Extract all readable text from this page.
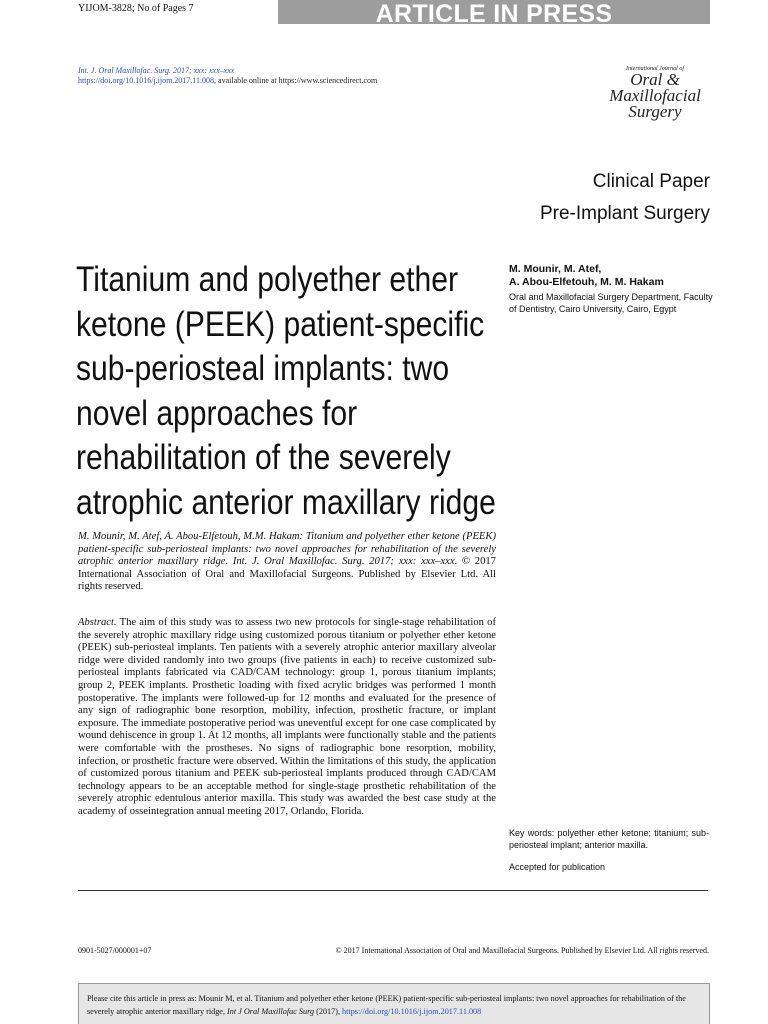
YIJOM-3828; No of Pages 7	ARTICLE IN PRESS
Int. J. Oral Maxillofac. Surg. 2017; xxx: xxx–xxx
https://doi.org/10.1016/j.ijom.2017.11.008, available online at https://www.sciencedirect.com
International Journal of
Oral &
Maxillofacial
Surgery
Clinical Paper
Pre-Implant Surgery
Titanium and polyether ether
ketone (PEEK) patient-specific
sub-periosteal implants: two
novel approaches for
rehabilitation of the severely
atrophic anterior maxillary ridge
M. Mounir, M. Atef,
A. Abou-Elfetouh, M. M. Hakam
Oral and Maxillofacial Surgery Department, Faculty of Dentistry, Cairo University, Cairo, Egypt
M. Mounir, M. Atef, A. Abou-Elfetouh, M.M. Hakam: Titanium and polyether ether ketone (PEEK) patient-specific sub-periosteal implants: two novel approaches for rehabilitation of the severely atrophic anterior maxillary ridge. Int. J. Oral Maxillofac. Surg. 2017; xxx: xxx–xxx. © 2017 International Association of Oral and Maxillofacial Surgeons. Published by Elsevier Ltd. All rights reserved.
Abstract. The aim of this study was to assess two new protocols for single-stage rehabilitation of the severely atrophic maxillary ridge using customized porous titanium or polyether ether ketone (PEEK) sub-periosteal implants. Ten patients with a severely atrophic anterior maxillary alveolar ridge were divided randomly into two groups (five patients in each) to receive customized sub-periosteal implants fabricated via CAD/CAM technology: group 1, porous titanium implants; group 2, PEEK implants. Prosthetic loading with fixed acrylic bridges was performed 1 month postoperative. The implants were followed-up for 12 months and evaluated for the presence of any sign of radiographic bone resorption, mobility, infection, prosthetic fracture, or implant exposure. The immediate postoperative period was uneventful except for one case complicated by wound dehiscence in group 1. At 12 months, all implants were functionally stable and the patients were comfortable with the prostheses. No signs of radiographic bone resorption, mobility, infection, or prosthetic fracture were observed. Within the limitations of this study, the application of customized porous titanium and PEEK sub-periosteal implants produced through CAD/CAM technology appears to be an acceptable method for single-stage prosthetic rehabilitation of the severely atrophic edentulous anterior maxilla. This study was awarded the best case study at the academy of osseintegration annual meeting 2017, Orlando, Florida.
Key words: polyether ether ketone; titanium; sub-periosteal implant; anterior maxilla.
Accepted for publication
0901-5027/000001+07	© 2017 International Association of Oral and Maxillofacial Surgeons. Published by Elsevier Ltd. All rights reserved.
Please cite this article in press as: Mounir M, et al. Titanium and polyether ether ketone (PEEK) patient-specific sub-periosteal implants: two novel approaches for rehabilitation of the severely atrophic anterior maxillary ridge, Int J Oral Maxillofac Surg (2017), https://doi.org/10.1016/j.ijom.2017.11.008
